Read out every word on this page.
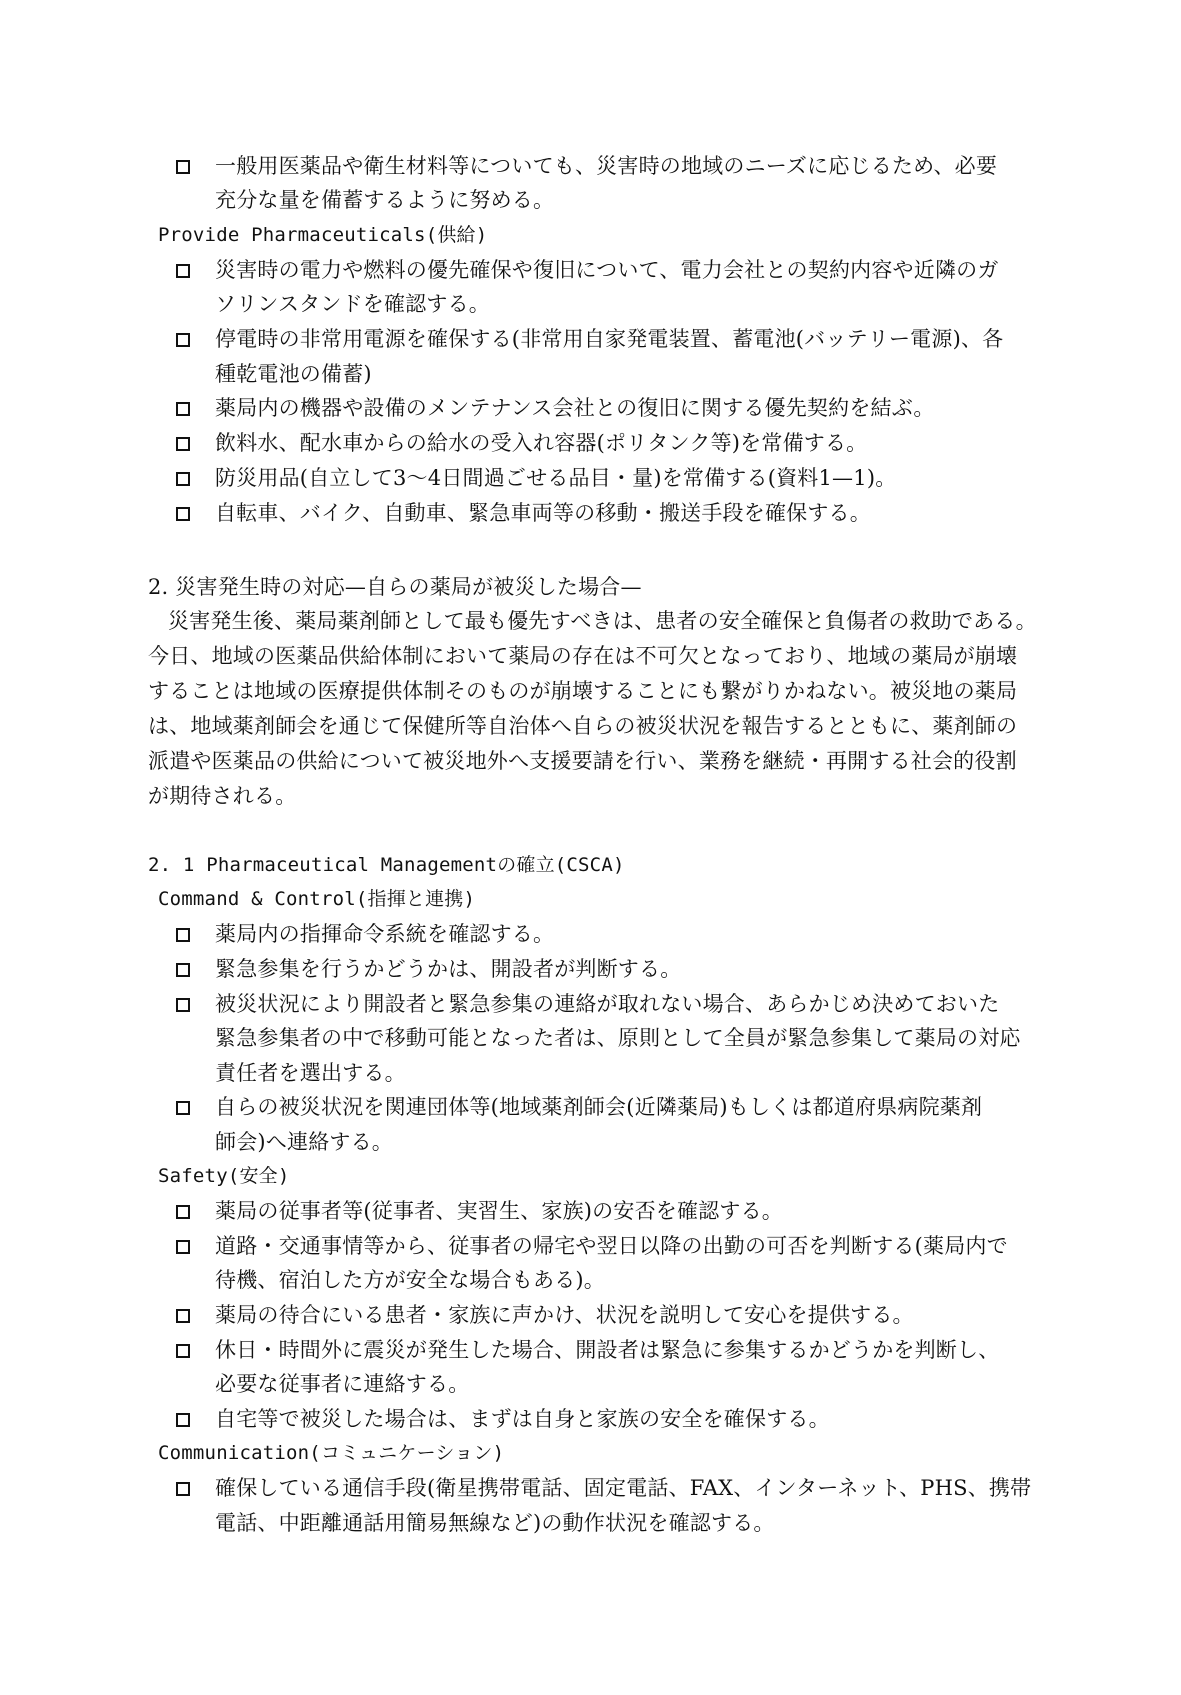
一般用医薬品や衛生材料等についても、災害時の地域のニーズに応じるため、必要
充分な量を備蓄するように努める。
Provide Pharmaceuticals(供給)
災害時の電力や燃料の優先確保や復旧について、電力会社との契約内容や近隣のガ
ソリンスタンドを確認する。
停電時の非常用電源を確保する(非常用自家発電装置、蓄電池(バッテリー電源)、各
種乾電池の備蓄)
薬局内の機器や設備のメンテナンス会社との復旧に関する優先契約を結ぶ。
飲料水、配水車からの給水の受入れ容器(ポリタンク等)を常備する。
防災用品(自立して3〜4日間過ごせる品目・量)を常備する(資料1—1)。
自転車、バイク、自動車、緊急車両等の移動・搬送手段を確保する。
2. 災害発生時の対応—自らの薬局が被災した場合—
災害発生後、薬局薬剤師として最も優先すべきは、患者の安全確保と負傷者の救助である。
今日、地域の医薬品供給体制において薬局の存在は不可欠となっており、地域の薬局が崩壊
することは地域の医療提供体制そのものが崩壊することにも繋がりかねない。被災地の薬局
は、地域薬剤師会を通じて保健所等自治体へ自らの被災状況を報告するとともに、薬剤師の
派遣や医薬品の供給について被災地外へ支援要請を行い、業務を継続・再開する社会的役割
が期待される。
2. 1 Pharmaceutical Managementの確立(CSCA)
Command & Control(指揮と連携)
薬局内の指揮命令系統を確認する。
緊急参集を行うかどうかは、開設者が判断する。
被災状況により開設者と緊急参集の連絡が取れない場合、あらかじめ決めておいた
緊急参集者の中で移動可能となった者は、原則として全員が緊急参集して薬局の対応
責任者を選出する。
自らの被災状況を関連団体等(地域薬剤師会(近隣薬局)もしくは都道府県病院薬剤
師会)へ連絡する。
Safety(安全)
薬局の従事者等(従事者、実習生、家族)の安否を確認する。
道路・交通事情等から、従事者の帰宅や翌日以降の出勤の可否を判断する(薬局内で
待機、宿泊した方が安全な場合もある)。
薬局の待合にいる患者・家族に声かけ、状況を説明して安心を提供する。
休日・時間外に震災が発生した場合、開設者は緊急に参集するかどうかを判断し、
必要な従事者に連絡する。
自宅等で被災した場合は、まずは自身と家族の安全を確保する。
Communication(コミュニケーション)
確保している通信手段(衛星携帯電話、固定電話、FAX、インターネット、PHS、携帯
電話、中距離通話用簡易無線など)の動作状況を確認する。
